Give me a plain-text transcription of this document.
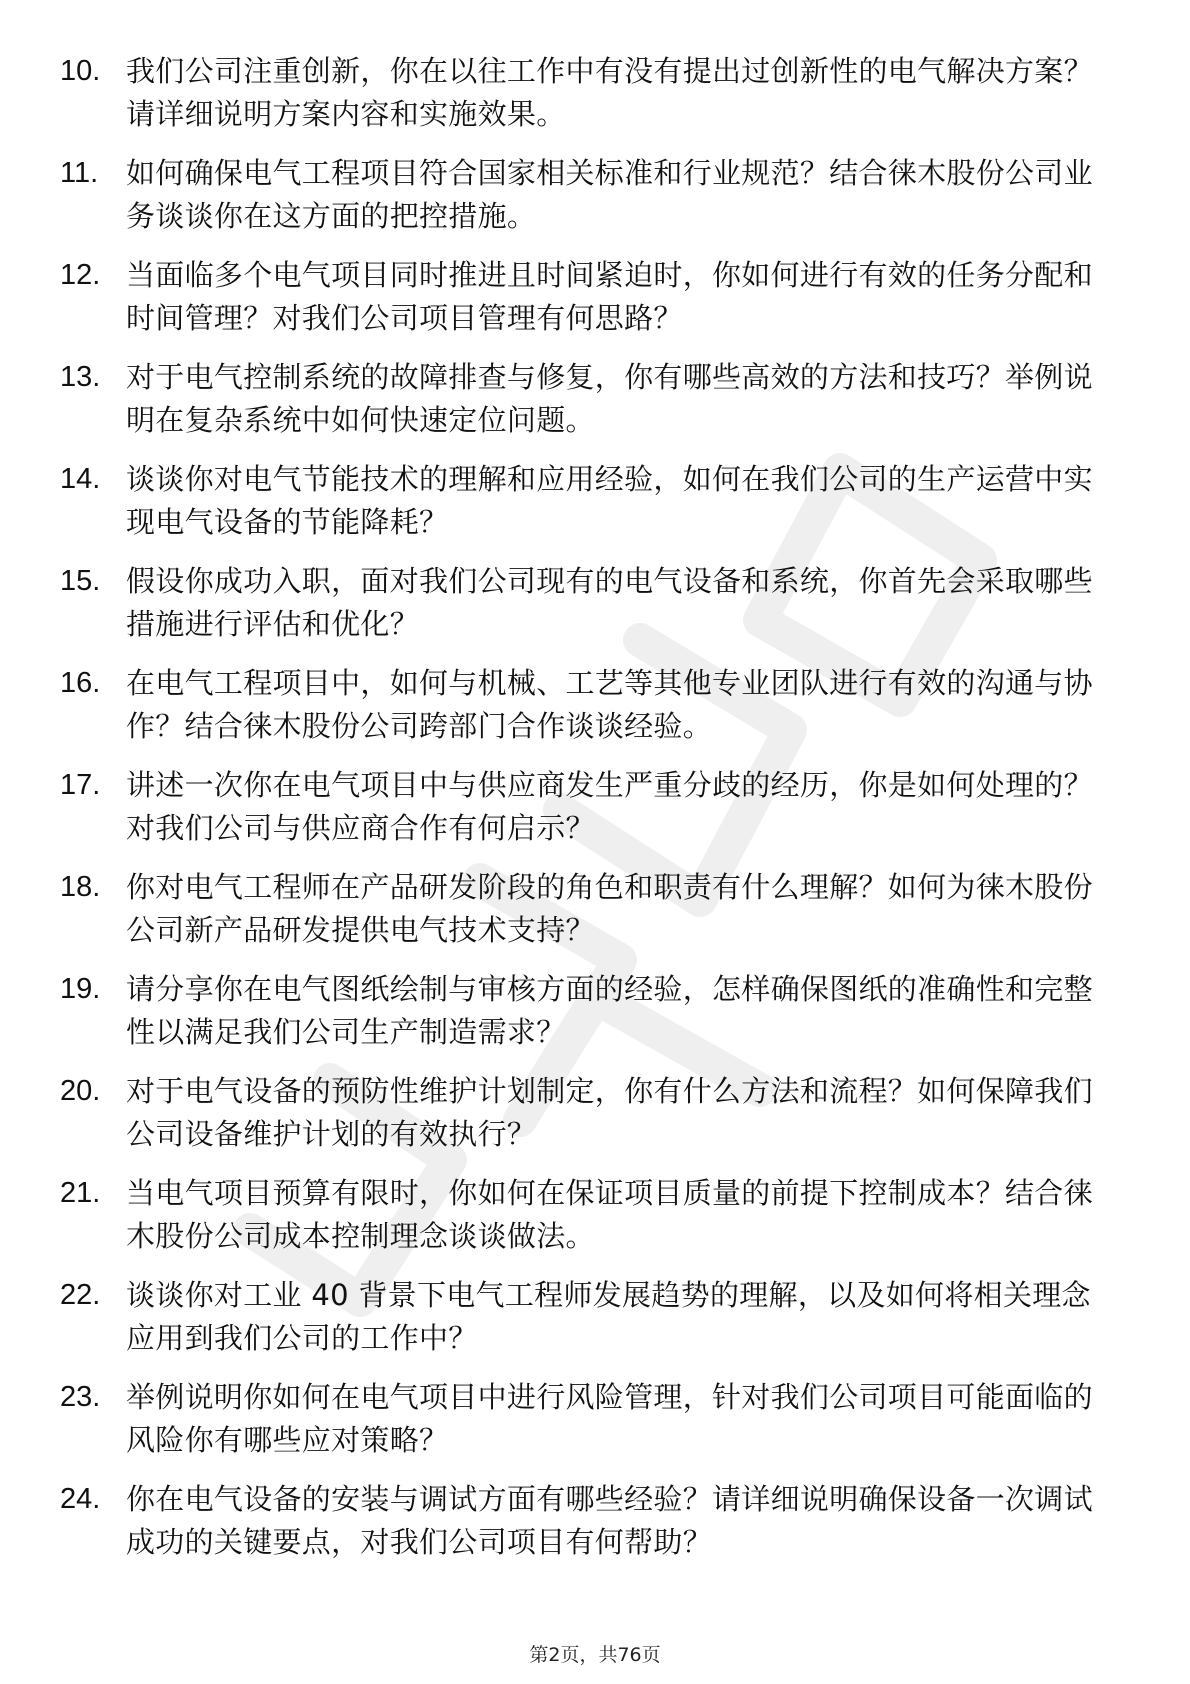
10. 我们公司注重创新，你在以往工作中有没有提出过创新性的电气解决方案？请详细说明方案内容和实施效果。
11. 如何确保电气工程项目符合国家相关标准和行业规范？结合徕木股份公司业务谈谈你在这方面的把控措施。
12. 当面临多个电气项目同时推进且时间紧迫时，你如何进行有效的任务分配和时间管理？对我们公司项目管理有何思路？
13. 对于电气控制系统的故障排查与修复，你有哪些高效的方法和技巧？举例说明在复杂系统中如何快速定位问题。
14. 谈谈你对电气节能技术的理解和应用经验，如何在我们公司的生产运营中实现电气设备的节能降耗？
15. 假设你成功入职，面对我们公司现有的电气设备和系统，你首先会采取哪些措施进行评估和优化？
16. 在电气工程项目中，如何与机械、工艺等其他专业团队进行有效的沟通与协作？结合徕木股份公司跨部门合作谈谈经验。
17. 讲述一次你在电气项目中与供应商发生严重分歧的经历，你是如何处理的？对我们公司与供应商合作有何启示？
18. 你对电气工程师在产品研发阶段的角色和职责有什么理解？如何为徕木股份公司新产品研发提供电气技术支持？
19. 请分享你在电气图纸绘制与审核方面的经验，怎样确保图纸的准确性和完整性以满足我们公司生产制造需求？
20. 对于电气设备的预防性维护计划制定，你有什么方法和流程？如何保障我们公司设备维护计划的有效执行？
21. 当电气项目预算有限时，你如何在保证项目质量的前提下控制成本？结合徕木股份公司成本控制理念谈谈做法。
22. 谈谈你对工业 40 背景下电气工程师发展趋势的理解，以及如何将相关理念应用到我们公司的工作中？
23. 举例说明你如何在电气项目中进行风险管理，针对我们公司项目可能面临的风险你有哪些应对策略？
24. 你在电气设备的安装与调试方面有哪些经验？请详细说明确保设备一次调试成功的关键要点，对我们公司项目有何帮助？
第2页，共76页
